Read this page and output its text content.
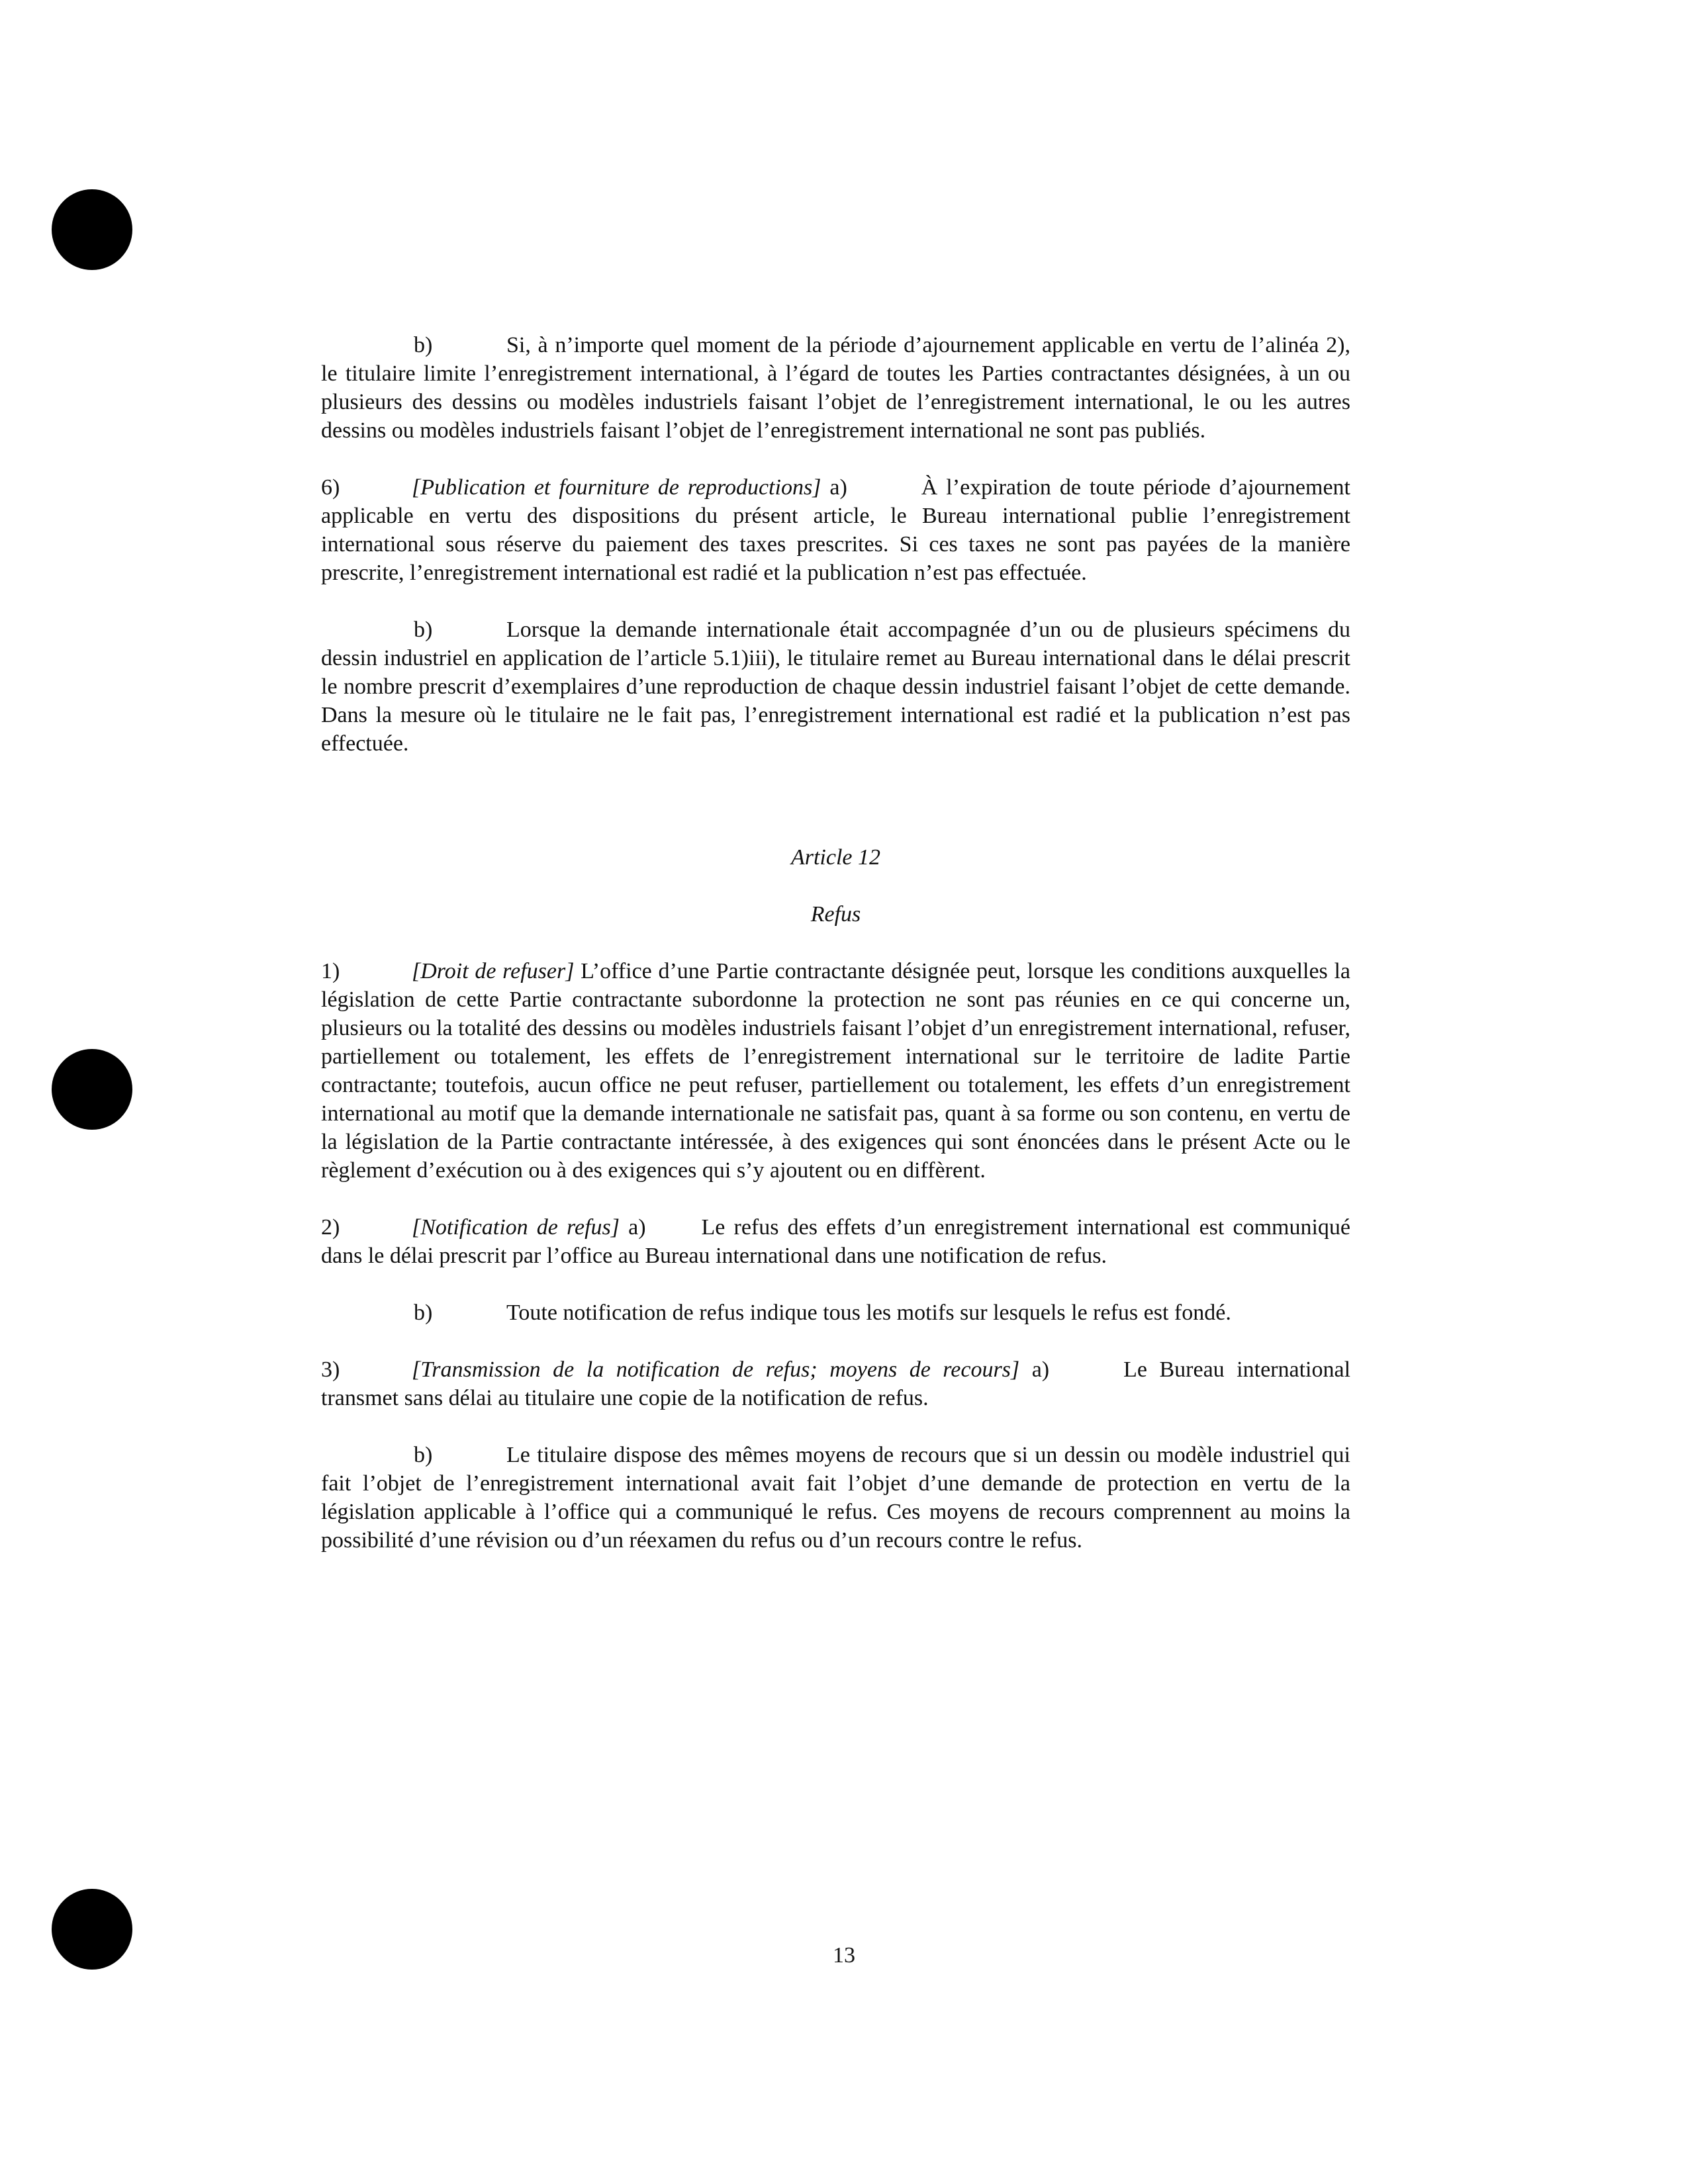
b)	Si, à n’importe quel moment de la période d’ajournement applicable en vertu de l’alinéa 2), le titulaire limite l’enregistrement international, à l’égard de toutes les Parties contractantes désignées, à un ou plusieurs des dessins ou modèles industriels faisant l’objet de l’enregistrement international, le ou les autres dessins ou modèles industriels faisant l’objet de l’enregistrement international ne sont pas publiés.

6)	[Publication et fourniture de reproductions] a)	À l’expiration de toute période d’ajournement applicable en vertu des dispositions du présent article, le Bureau international publie l’enregistrement international sous réserve du paiement des taxes prescrites. Si ces taxes ne sont pas payées de la manière prescrite, l’enregistrement international est radié et la publication n’est pas effectuée.

b)	Lorsque la demande internationale était accompagnée d’un ou de plusieurs spécimens du dessin industriel en application de l’article 5.1)iii), le titulaire remet au Bureau international dans le délai prescrit le nombre prescrit d’exemplaires d’une reproduction de chaque dessin industriel faisant l’objet de cette demande. Dans la mesure où le titulaire ne le fait pas, l’enregistrement international est radié et la publication n’est pas effectuée.

Article 12

Refus

1)	[Droit de refuser] L’office d’une Partie contractante désignée peut, lorsque les conditions auxquelles la législation de cette Partie contractante subordonne la protection ne sont pas réunies en ce qui concerne un, plusieurs ou la totalité des dessins ou modèles industriels faisant l’objet d’un enregistrement international, refuser, partiellement ou totalement, les effets de l’enregistrement international sur le territoire de ladite Partie contractante; toutefois, aucun office ne peut refuser, partiellement ou totalement, les effets d’un enregistrement international au motif que la demande internationale ne satisfait pas, quant à sa forme ou son contenu, en vertu de la législation de la Partie contractante intéressée, à des exigences qui sont énoncées dans le présent Acte ou le règlement d’exécution ou à des exigences qui s’y ajoutent ou en diffèrent.

2)	[Notification de refus] a) Le refus des effets d’un enregistrement international est communiqué dans le délai prescrit par l’office au Bureau international dans une notification de refus.

b)	Toute notification de refus indique tous les motifs sur lesquels le refus est fondé.

3)	[Transmission de la notification de refus; moyens de recours] a)	Le Bureau international transmet sans délai au titulaire une copie de la notification de refus.

b)	Le titulaire dispose des mêmes moyens de recours que si un dessin ou modèle industriel qui fait l’objet de l’enregistrement international avait fait l’objet d’une demande de protection en vertu de la législation applicable à l’office qui a communiqué le refus. Ces moyens de recours comprennent au moins la possibilité d’une révision ou d’un réexamen du refus ou d’un recours contre le refus.

13
